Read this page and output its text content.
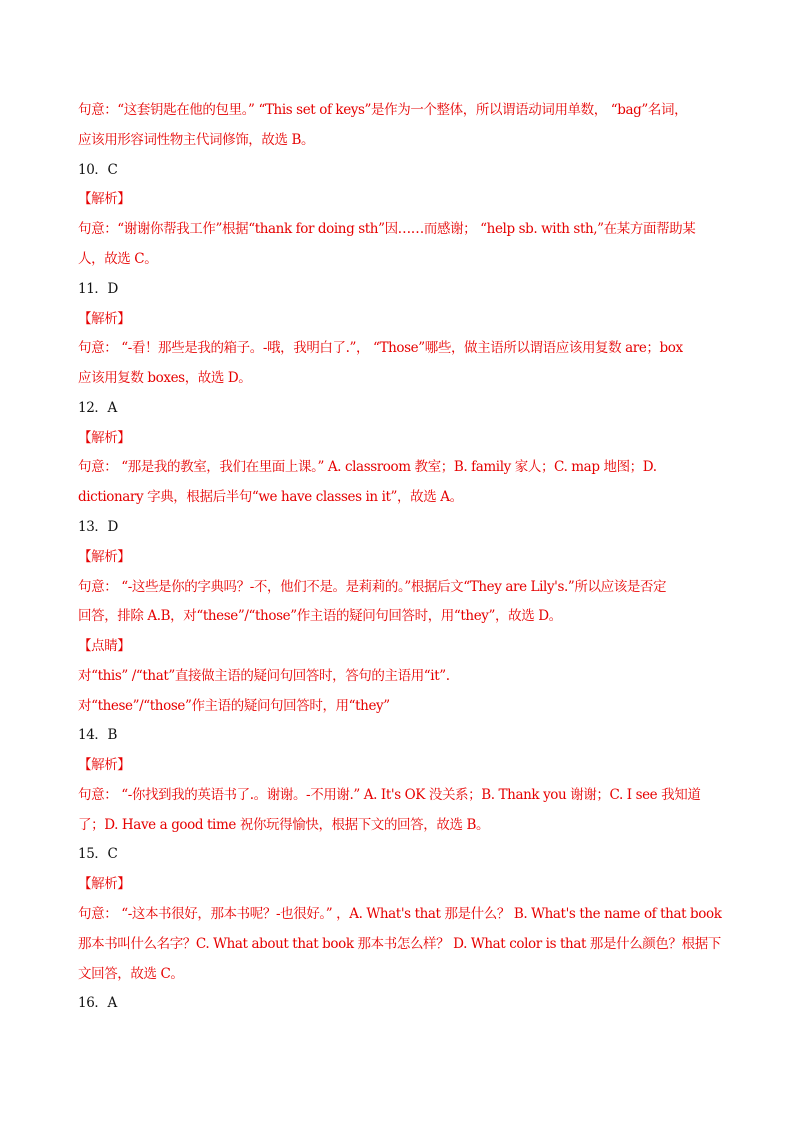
句意：“这套钥匙在他的包里。” “This set of keys”是作为一个整体，所以谓语动词用单数， “bag”名词，
应该用形容词性物主代词修饰，故选 B。
10．C
【解析】
句意：“谢谢你帮我工作”根据“thank for doing sth”因……而感谢； “help sb. with sth,”在某方面帮助某
人，故选 C。
11．D
【解析】
句意： “-看！那些是我的箱子。-哦，我明白了.”， “Those”哪些，做主语所以谓语应该用复数 are；box
应该用复数 boxes，故选 D。
12．A
【解析】
句意： “那是我的教室，我们在里面上课。” A. classroom 教室；B. family 家人；C. map 地图；D.
dictionary 字典，根据后半句“we have classes in it”，故选 A。
13．D
【解析】
句意： “-这些是你的字典吗？-不，他们不是。是莉莉的。”根据后文“They are Lily's.”所以应该是否定
回答，排除 A.B，对“these”/“those”作主语的疑问句回答时，用“they”，故选 D。
【点睛】
对“this” /“that”直接做主语的疑问句回答时，答句的主语用“it”.
对“these”/“those”作主语的疑问句回答时，用“they”
14．B
【解析】
句意： “-你找到我的英语书了.。谢谢。-不用谢.” A. It's OK 没关系；B. Thank you 谢谢；C. I see 我知道
了；D. Have a good time 祝你玩得愉快，根据下文的回答，故选 B。
15．C
【解析】
句意： “-这本书很好，那本书呢？-也很好。” ，A. What's that 那是什么？ B. What's the name of that book
那本书叫什么名字？C. What about that book 那本书怎么样？ D. What color is that 那是什么颜色？根据下
文回答，故选 C。
16．A
